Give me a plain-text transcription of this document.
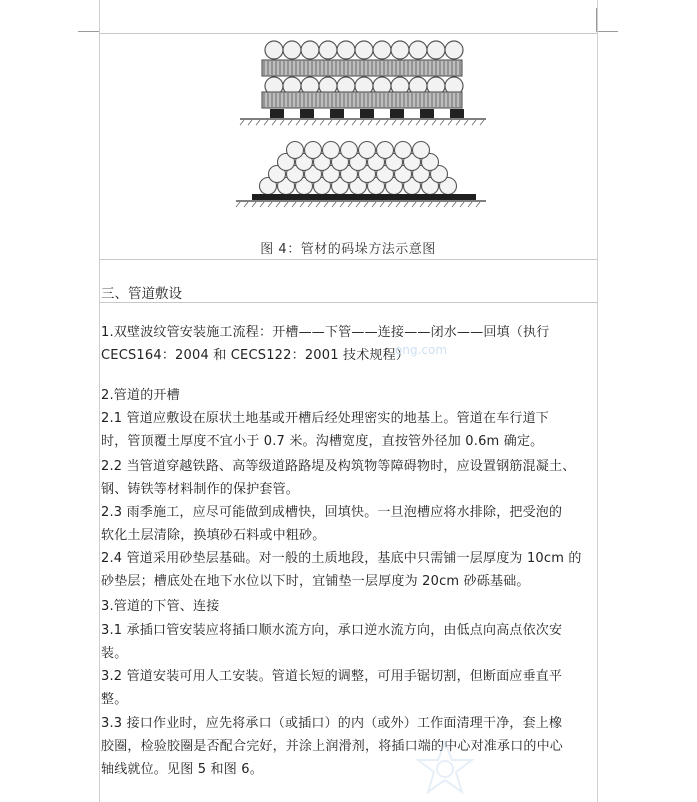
图 4：管材的码垛方法示意图
三、管道敷设
1.双壁波纹管安装施工流程：开槽——下管——连接——闭水——回填（执行
CECS164：2004 和 CECS122：2001 技术规程）
2.管道的开槽
2.1 管道应敷设在原状土地基或开槽后经处理密实的地基上。管道在车行道下
时，管顶覆土厚度不宜小于 0.7 米。沟槽宽度，直按管外径加 0.6m 确定。
2.2 当管道穿越铁路、高等级道路路堤及构筑物等障碍物时，应设置钢筋混凝土、
钢、铸铁等材料制作的保护套管。
2.3 雨季施工，应尽可能做到成槽快，回填快。一旦泡槽应将水排除，把受泡的
软化土层清除，换填砂石料或中粗砂。
2.4 管道采用砂垫层基础。对一般的土质地段，基底中只需铺一层厚度为 10cm 的
砂垫层；槽底处在地下水位以下时，宜铺垫一层厚度为 20cm 砂砾基础。
3.管道的下管、连接
3.1 承插口管安装应将插口顺水流方向，承口逆水流方向，由低点向高点依次安
装。
3.2 管道安装可用人工安装。管道长短的调整，可用手锯切割，但断面应垂直平
整。
3.3 接口作业时，应先将承口（或插口）的内（或外）工作面清理干净，套上橡
胶圈，检验胶圈是否配合完好，并涂上润滑剂，将插口端的中心对准承口的中心
轴线就位。见图 5 和图 6。
ong.com
